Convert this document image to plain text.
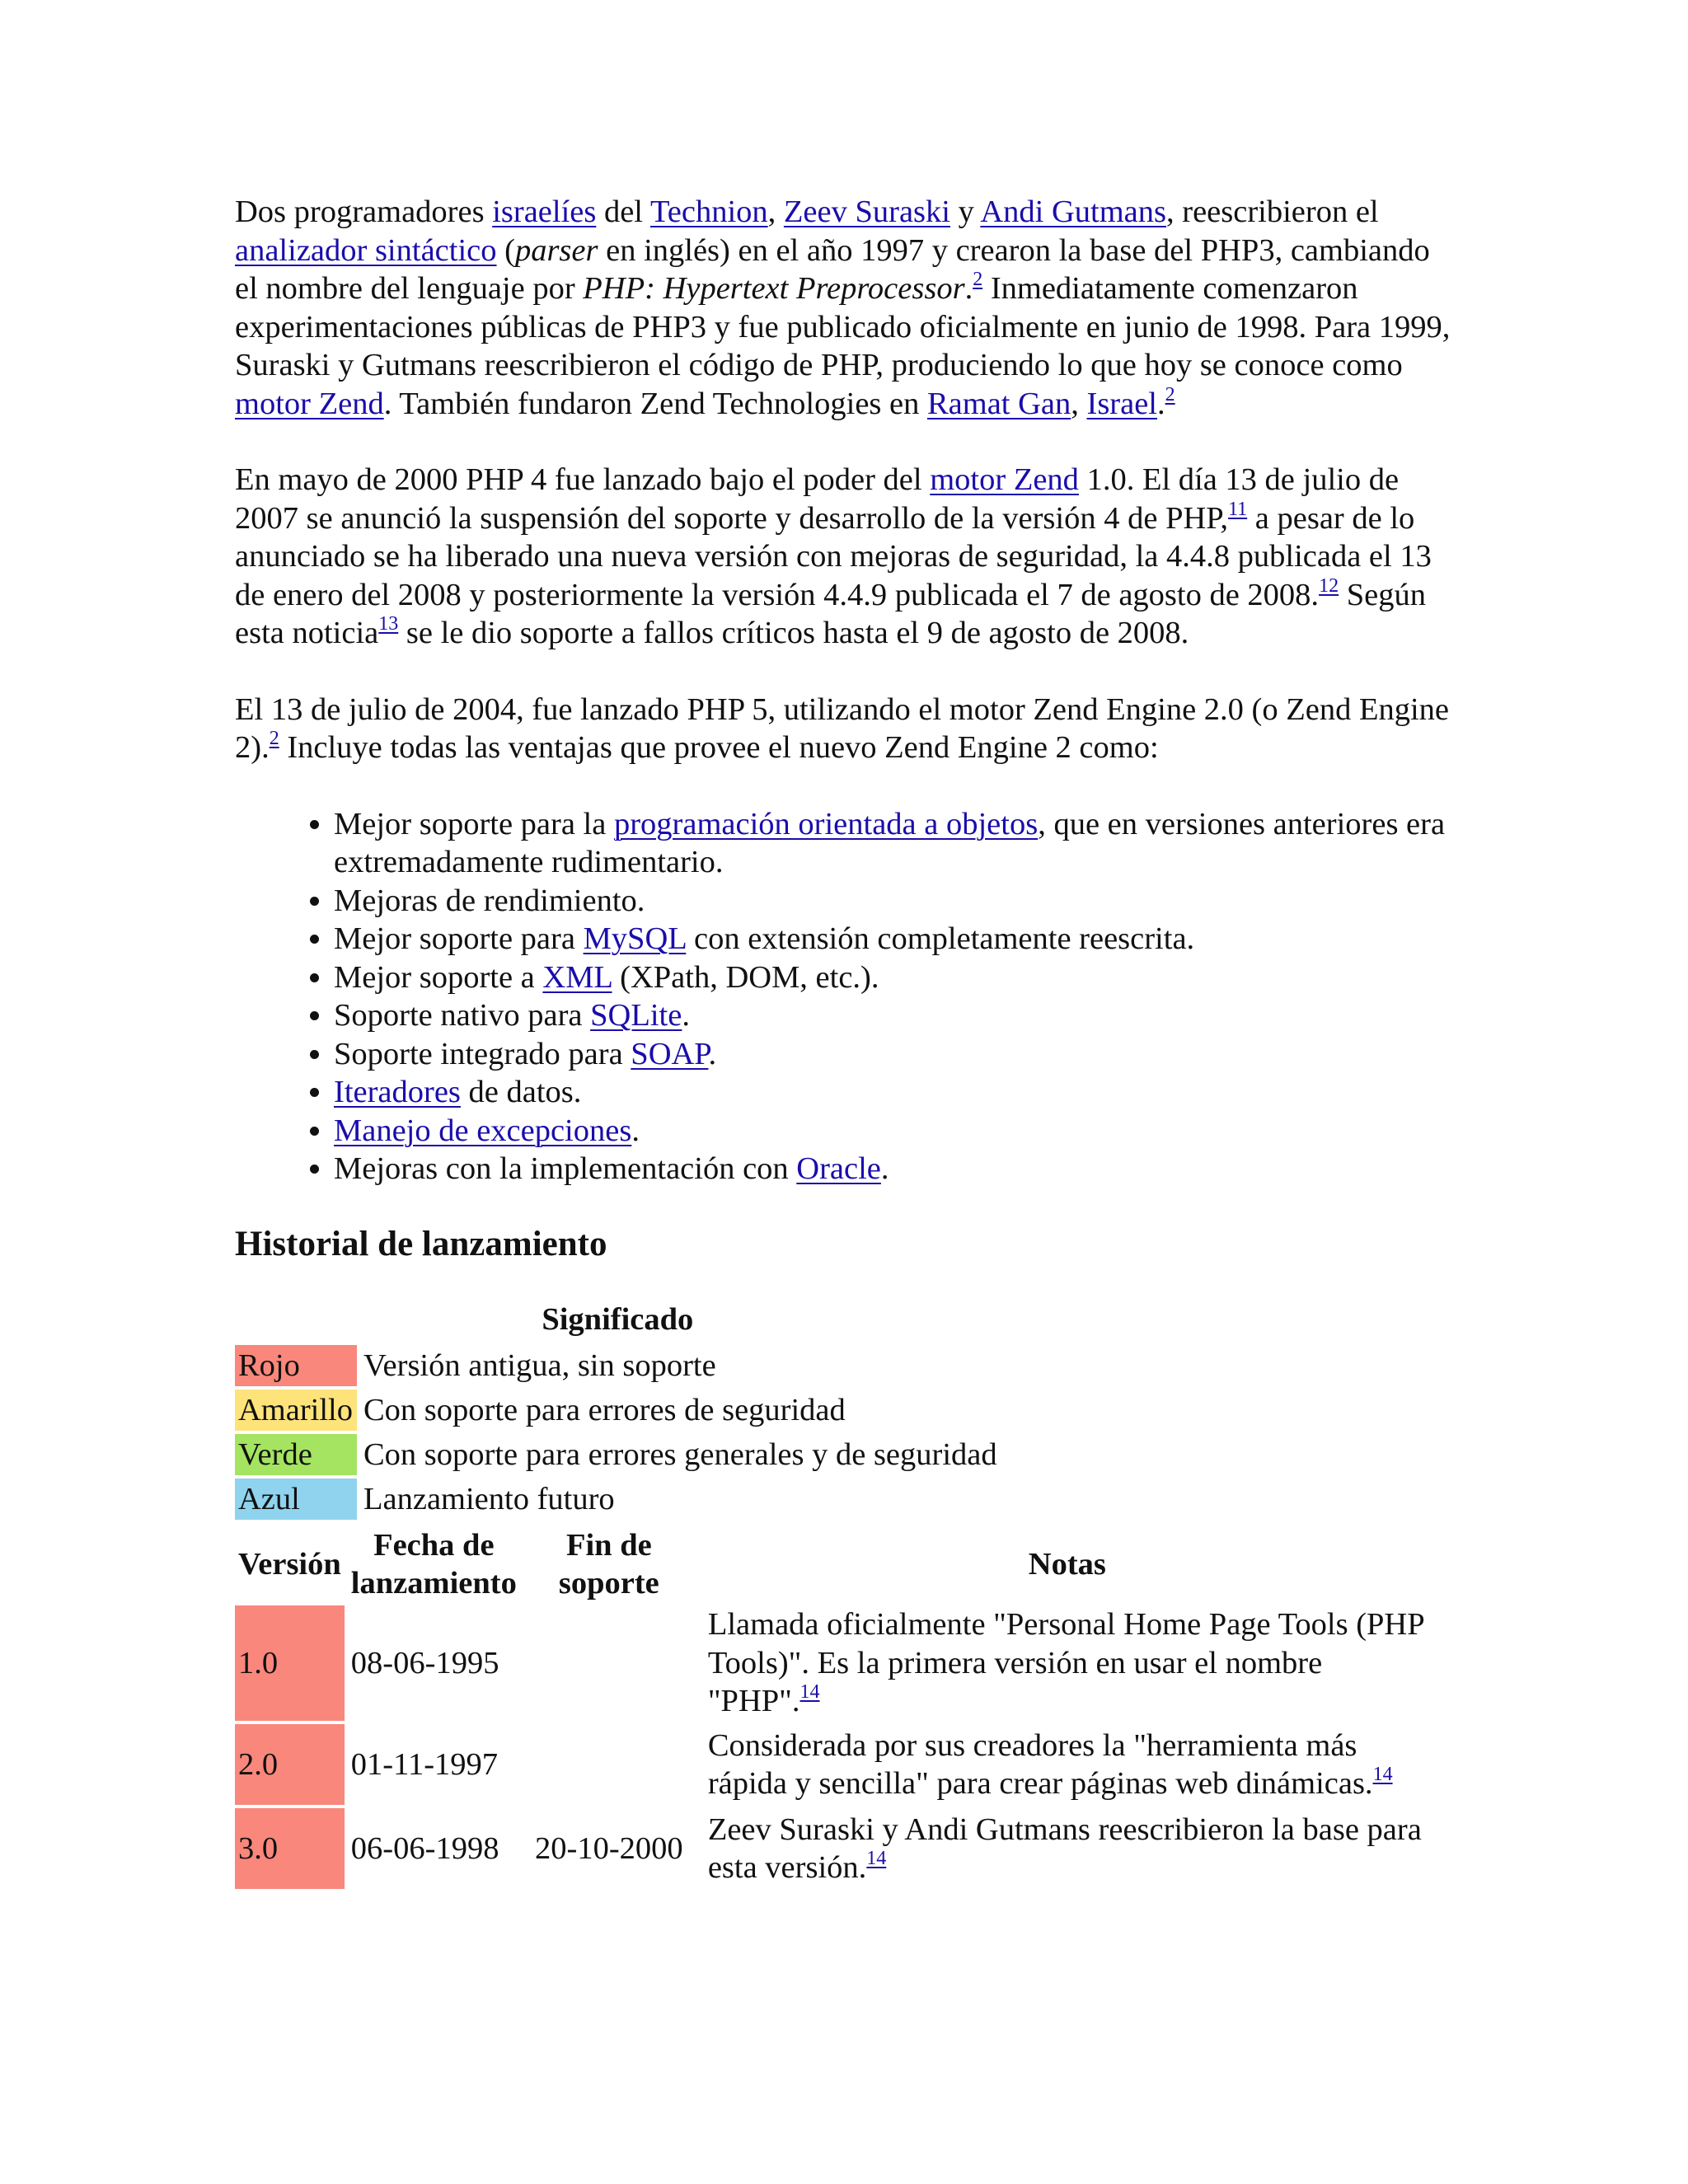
Dos programadores israelíes del Technion, Zeev Suraski y Andi Gutmans, reescribieron el analizador sintáctico (parser en inglés) en el año 1997 y crearon la base del PHP3, cambiando el nombre del lenguaje por PHP: Hypertext Preprocessor.$^2$ Inmediatamente comenzaron experimentaciones públicas de PHP3 y fue publicado oficialmente en junio de 1998. Para 1999, Suraski y Gutmans reescribieron el código de PHP, produciendo lo que hoy se conoce como motor Zend. También fundaron Zend Technologies en Ramat Gan, Israel.$^2$

En mayo de 2000 PHP 4 fue lanzado bajo el poder del motor Zend 1.0. El día 13 de julio de 2007 se anunció la suspensión del soporte y desarrollo de la versión 4 de PHP,$^{11}$ a pesar de lo anunciado se ha liberado una nueva versión con mejoras de seguridad, la 4.4.8 publicada el 13 de enero del 2008 y posteriormente la versión 4.4.9 publicada el 7 de agosto de 2008.12 Según esta noticia$^{13}$ se le dio soporte a fallos críticos hasta el 9 de agosto de 2008.

El 13 de julio de 2004, fue lanzado PHP 5, utilizando el motor Zend Engine 2.0 (o Zend Engine 2).$^2$ Incluye todas las ventajas que provee el nuevo Zend Engine 2 como:

• Mejor soporte para la programación orientada a objetos, que en versiones anteriores era extremadamente rudimentario.
• Mejoras de rendimiento.
• Mejor soporte para MySQL con extensión completamente reescrita.
• Mejor soporte a XML (XPath, DOM, etc.).
• Soporte nativo para SQLite.
• Soporte integrado para SOAP.
• Iteradores de datos.
• Manejo de excepciones.
• Mejoras con la implementación con Oracle.
Historial de lanzamiento
Significado
Rojo	Versión antigua, sin soporte
Amarillo	Con soporte para errores de seguridad
Verde	Con soporte para errores generales y de seguridad
Azul	Lanzamiento futuro
Versión	Fecha de lanzamiento	Fin de soporte	Notas
1.0	08-06-1995		Llamada oficialmente "Personal Home Page Tools (PHP Tools)". Es la primera versión en usar el nombre "PHP".$^{14}$
2.0	01-11-1997		Considerada por sus creadores la "herramienta más rápida y sencilla" para crear páginas web dinámicas.$^{14}$
3.0	06-06-1998	20-10-2000	Zeev Suraski y Andi Gutmans reescribieron la base para esta versión.$^{14}$
